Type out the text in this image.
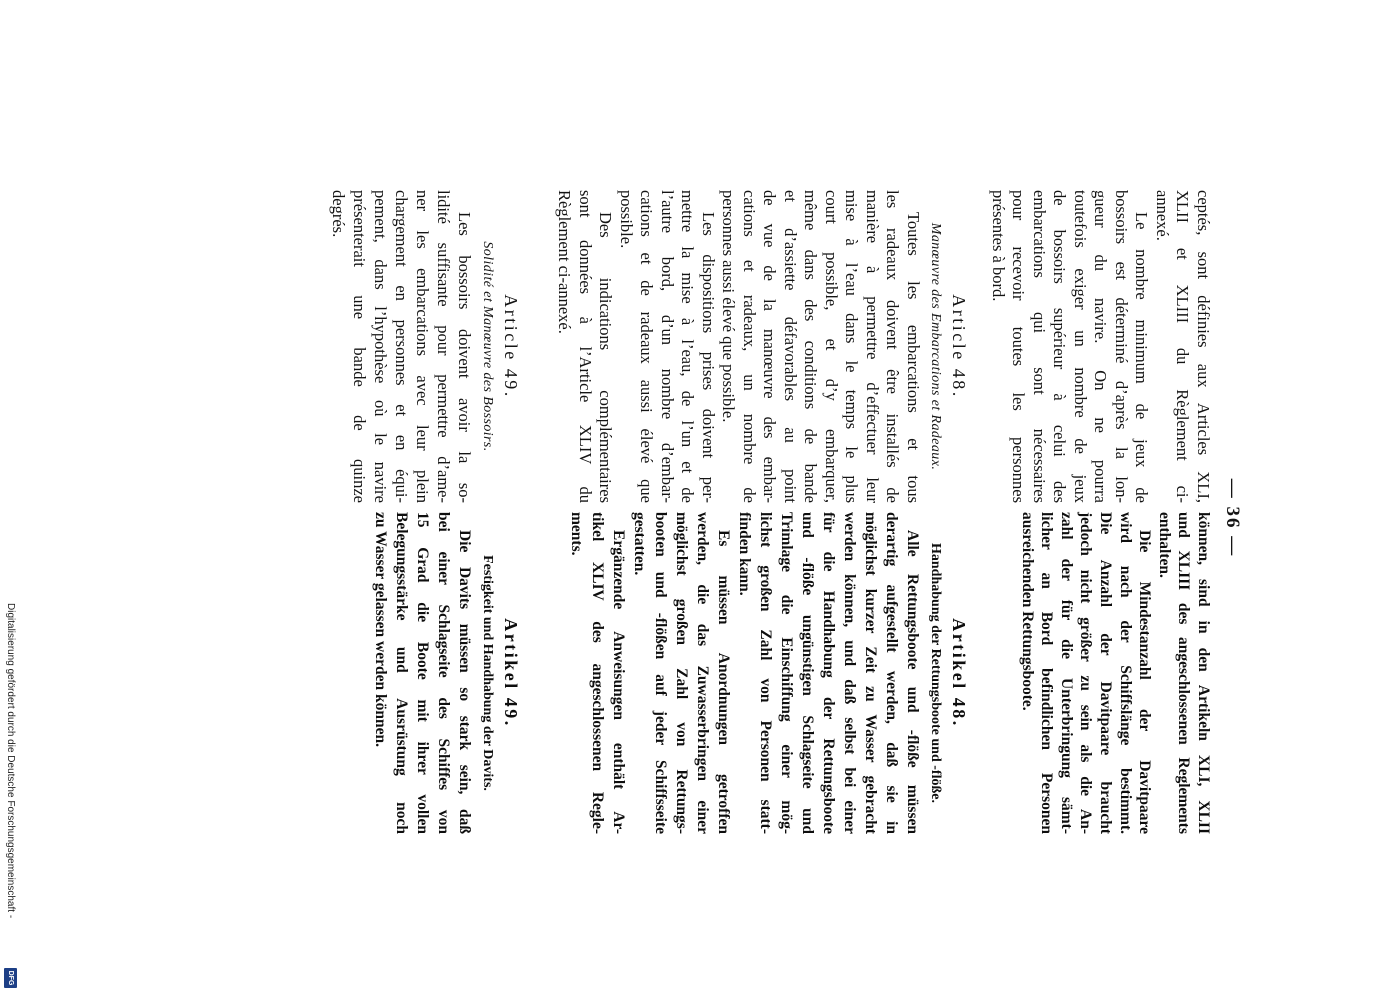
— 36 —
ceptés, sont définies aux Articles XLI,
XLII et XLIII du Règlement ci-
annexé.
Le nombre minimum de jeux de
bossoirs est déterminé d’après la lon-
gueur du navire. On ne pourra
toutefois exiger un nombre de jeux
de bossoirs supérieur à celui des
embarcations qui sont nécessaires
pour recevoir toutes les personnes
présentes à bord.
Article 48.
Manœuvre des Embarcations et Radeaux.
Toutes les embarcations et tous
les radeaux doivent être installés de
manière à permettre d’effectuer leur
mise à l’eau dans le temps le plus
court possible, et d’y embarquer,
même dans des conditions de bande
et d’assiette défavorables au point
de vue de la manœuvre des embar-
cations et radeaux, un nombre de
personnes aussi élevé que possible.
Les dispositions prises doivent per-
mettre la mise à l’eau, de l’un et de
l’autre bord, d’un nombre d’embar-
cations et de radeaux aussi élevé que
possible.
Des indications complémentaires
sont données à l’Article XLIV du
Règlement ci-annexé.
Article 49.
Solidité et Manœuvre des Bossoirs.
Les bossoirs doivent avoir la so-
lidité suffisante pour permettre d’ame-
ner les embarcations avec leur plein
chargement en personnes et en équi-
pement, dans l’hypothèse où le navire
présenterait une bande de quinze
degrés.
können, sind in den Artikeln XLI, XLII
und XLIII des angeschlossenen Reglements
enthalten.
Die Mindestanzahl der Davitpaare
wird nach der Schiffslänge bestimmt.
Die Anzahl der Davitpaare braucht
jedoch nicht größer zu sein als die An-
zahl der für die Unterbringung sämt-
licher an Bord befindlichen Personen
ausreichenden Rettungsboote.
Artikel 48.
Handhabung der Rettungsboote und -flöße.
Alle Rettungsboote und -flöße müssen
derartig aufgestellt werden, daß sie in
möglichst kurzer Zeit zu Wasser gebracht
werden können, und daß selbst bei einer
für die Handhabung der Rettungsboote
und -flöße ungünstigen Schlagseite und
Trimlage die Einschiffung einer mög-
lichst großen Zahl von Personen statt-
finden kann.
Es müssen Anordnungen getroffen
werden, die das Zuwasserbringen einer
möglichst großen Zahl von Rettungs-
booten und -flößen auf jeder Schiffsseite
gestatten.
Ergänzende Anweisungen enthält Ar-
tikel XLIV des angeschlossenen Regle-
ments.
Artikel 49.
Festigkeit und Handhabung der Davits.
Die Davits müssen so stark sein, daß
bei einer Schlagseite des Schiffes von
15 Grad die Boote mit ihrer vollen
Belegungsstärke und Ausrüstung noch
zu Wasser gelassen werden können.
Digitalisierung gefördert durch die Deutsche Forschungsgemeinschaft -
DFG
